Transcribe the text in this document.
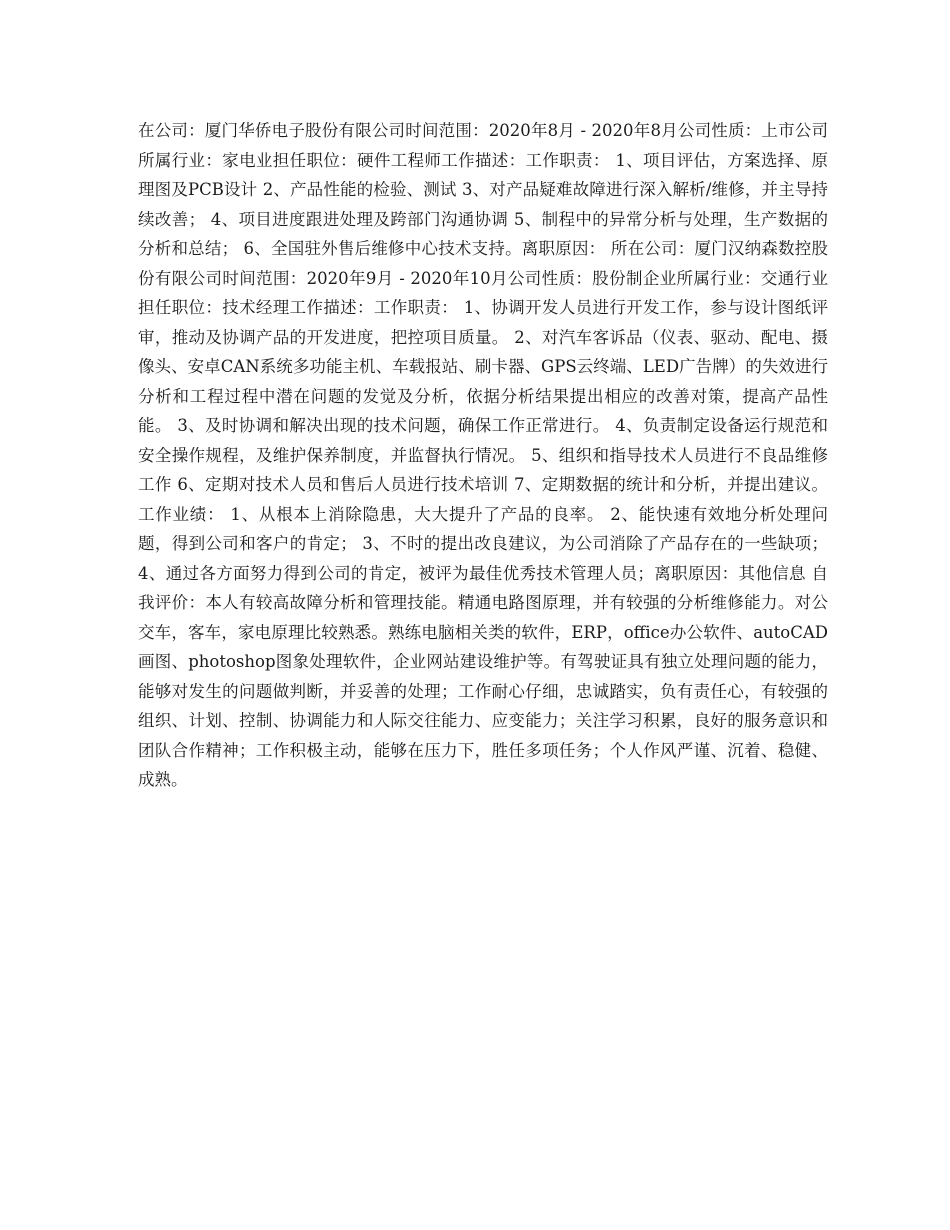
在公司：厦门华侨电子股份有限公司时间范围：2020年8月 - 2020年8月公司性质：上市公司所属行业：家电业担任职位：硬件工程师工作描述：工作职责： 1、项目评估，方案选择、原理图及PCB设计 2、产品性能的检验、测试 3、对产品疑难故障进行深入解析/维修，并主导持续改善； 4、项目进度跟进处理及跨部门沟通协调 5、制程中的异常分析与处理，生产数据的分析和总结； 6、全国驻外售后维修中心技术支持。离职原因： 所在公司：厦门汉纳森数控股份有限公司时间范围：2020年9月 - 2020年10月公司性质：股份制企业所属行业：交通行业担任职位：技术经理工作描述：工作职责： 1、协调开发人员进行开发工作，参与设计图纸评审，推动及协调产品的开发进度，把控项目质量。 2、对汽车客诉品（仪表、驱动、配电、摄像头、安卓CAN系统多功能主机、车载报站、刷卡器、GPS云终端、LED广告牌）的失效进行分析和工程过程中潜在问题的发觉及分析，依据分析结果提出相应的改善对策，提高产品性能。 3、及时协调和解决出现的技术问题，确保工作正常进行。 4、负责制定设备运行规范和安全操作规程，及维护保养制度，并监督执行情况。 5、组织和指导技术人员进行不良品维修工作 6、定期对技术人员和售后人员进行技术培训 7、定期数据的统计和分析，并提出建议。 工作业绩： 1、从根本上消除隐患，大大提升了产品的良率。 2、能快速有效地分析处理问题，得到公司和客户的肯定； 3、不时的提出改良建议，为公司消除了产品存在的一些缺项； 4、通过各方面努力得到公司的肯定，被评为最佳优秀技术管理人员；离职原因：其他信息 自我评价：本人有较高故障分析和管理技能。精通电路图原理，并有较强的分析维修能力。对公交车，客车，家电原理比较熟悉。熟练电脑相关类的软件，ERP，office办公软件、autoCAD画图、photoshop图象处理软件，企业网站建设维护等。有驾驶证具有独立处理问题的能力，能够对发生的问题做判断，并妥善的处理；工作耐心仔细，忠诚踏实，负有责任心，有较强的组织、计划、控制、协调能力和人际交往能力、应变能力；关注学习积累，良好的服务意识和团队合作精神；工作积极主动，能够在压力下，胜任多项任务；个人作风严谨、沉着、稳健、成熟。
